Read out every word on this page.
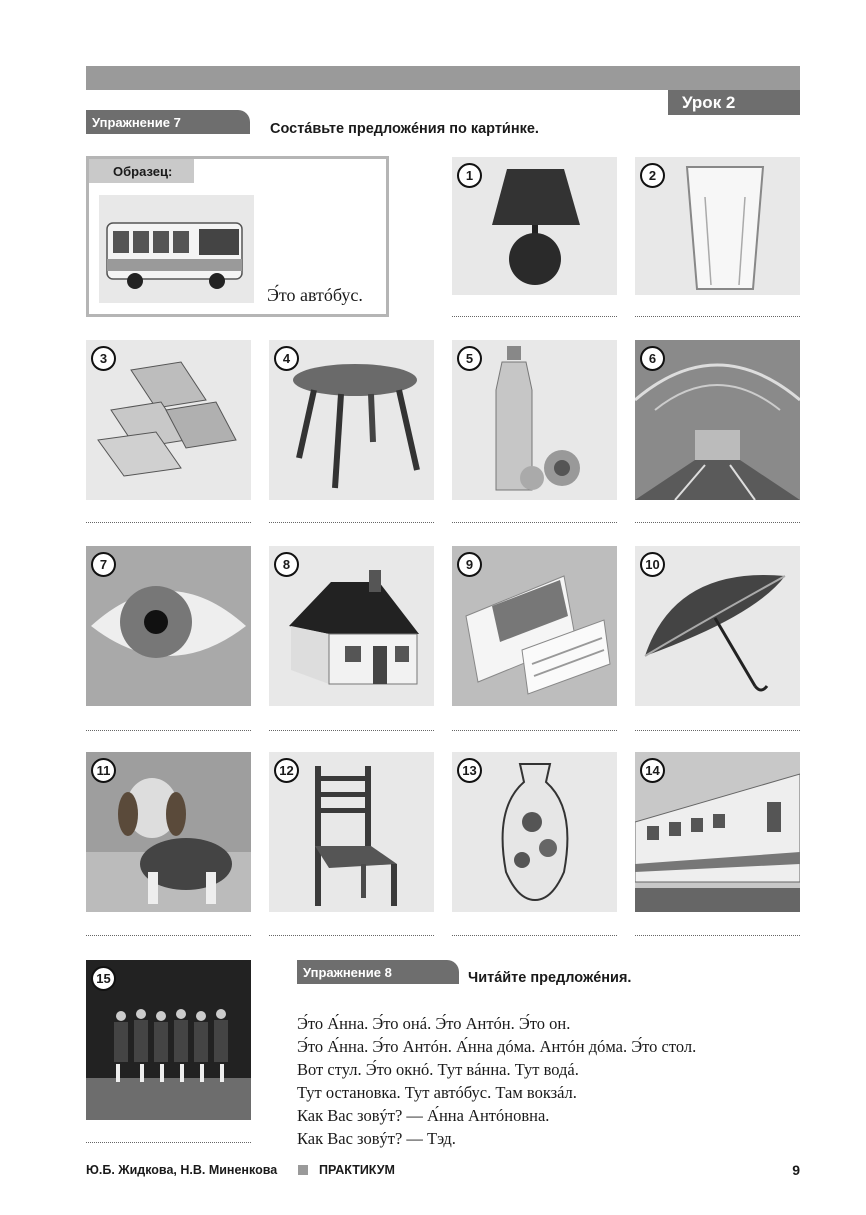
Урок 2
Упражнение 7	Состáвьте предложéния по карти́нке.
Образец:
Э́то автóбус.
1	2
3	4	5	6
7	8	9	10
11	12	13	14
15	Упражнение 8	Читáйте предложéния.
Э́то А́нна. Э́то онá. Э́то Антóн. Э́то он.
Э́то А́нна. Э́то Антóн. А́нна дóма. Антóн дóма. Э́то стол.
Вот стул. Э́то окнó. Тут вáнна. Тут водá.
Тут остановка. Тут автóбус. Там вокзáл.
Как Вас зовýт? — А́нна Антóновна.
Как Вас зовýт? — Тэд.
Ю.Б. Жидкова, Н.В. Миненкова	ПРАКТИКУМ	9
